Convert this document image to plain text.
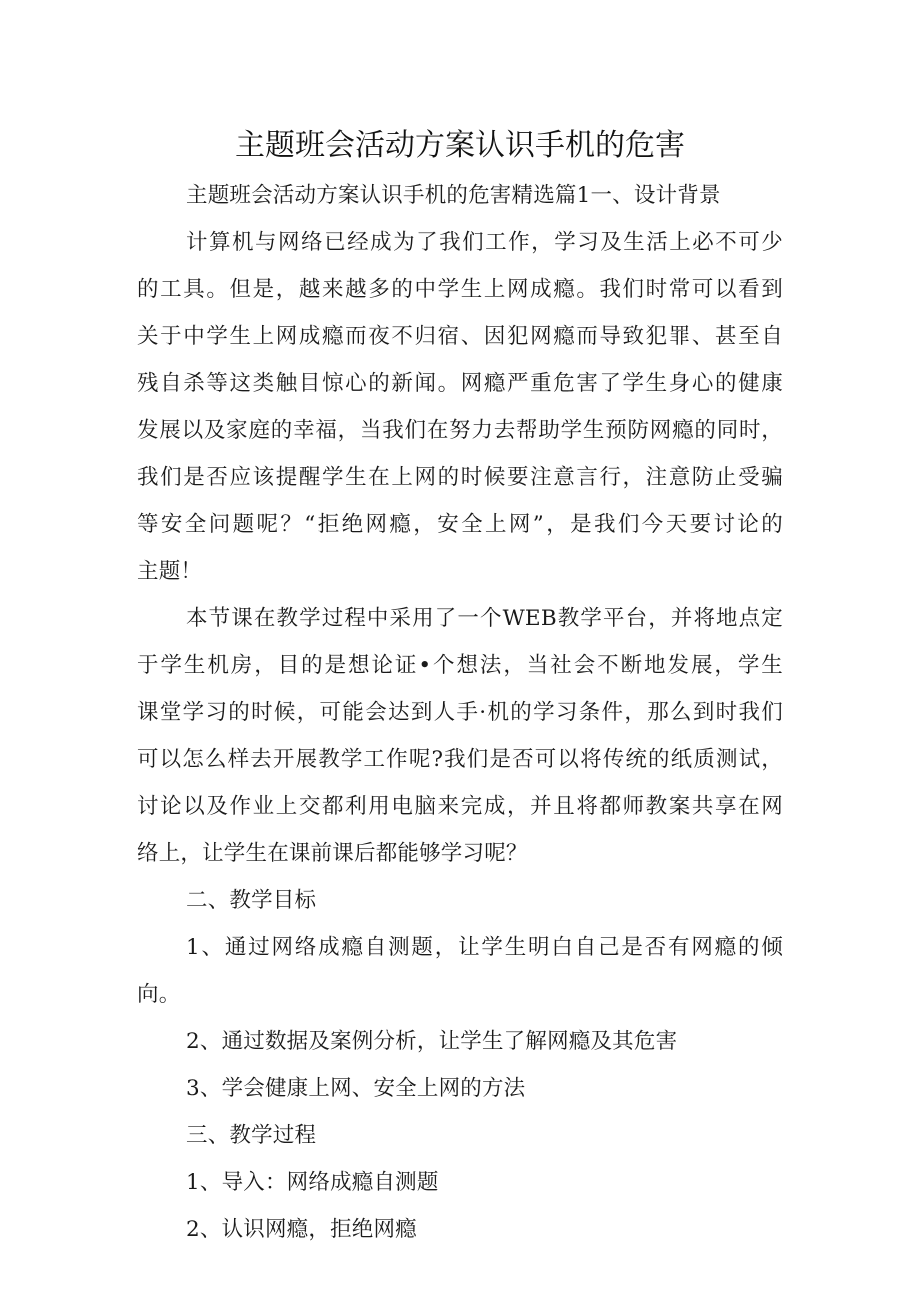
主题班会活动方案认识手机的危害
主题班会活动方案认识手机的危害精选篇1一、设计背景
计算机与网络已经成为了我们工作，学习及生活上必不可少
的工具。但是，越来越多的中学生上网成瘾。我们时常可以看到
关于中学生上网成瘾而夜不归宿、因犯网瘾而导致犯罪、甚至自
残自杀等这类触目惊心的新闻。网瘾严重危害了学生身心的健康
发展以及家庭的幸福，当我们在努力去帮助学生预防网瘾的同时，
我们是否应该提醒学生在上网的时候要注意言行，注意防止受骗
等安全问题呢？“拒绝网瘾，安全上网”，是我们今天要讨论的
主题！
本节课在教学过程中采用了一个WEB教学平台，并将地点定
于学生机房，目的是想论证•个想法，当社会不断地发展，学生
课堂学习的时候，可能会达到人手·机的学习条件，那么到时我们
可以怎么样去开展教学工作呢?我们是否可以将传统的纸质测试，
讨论以及作业上交都利用电脑来完成，并且将都师教案共享在网
络上，让学生在课前课后都能够学习呢？
二、教学目标
1、通过网络成瘾自测题，让学生明白自己是否有网瘾的倾
向。
2、通过数据及案例分析，让学生了解网瘾及其危害
3、学会健康上网、安全上网的方法
三、教学过程
1、导入：网络成瘾自测题
2、认识网瘾，拒绝网瘾
